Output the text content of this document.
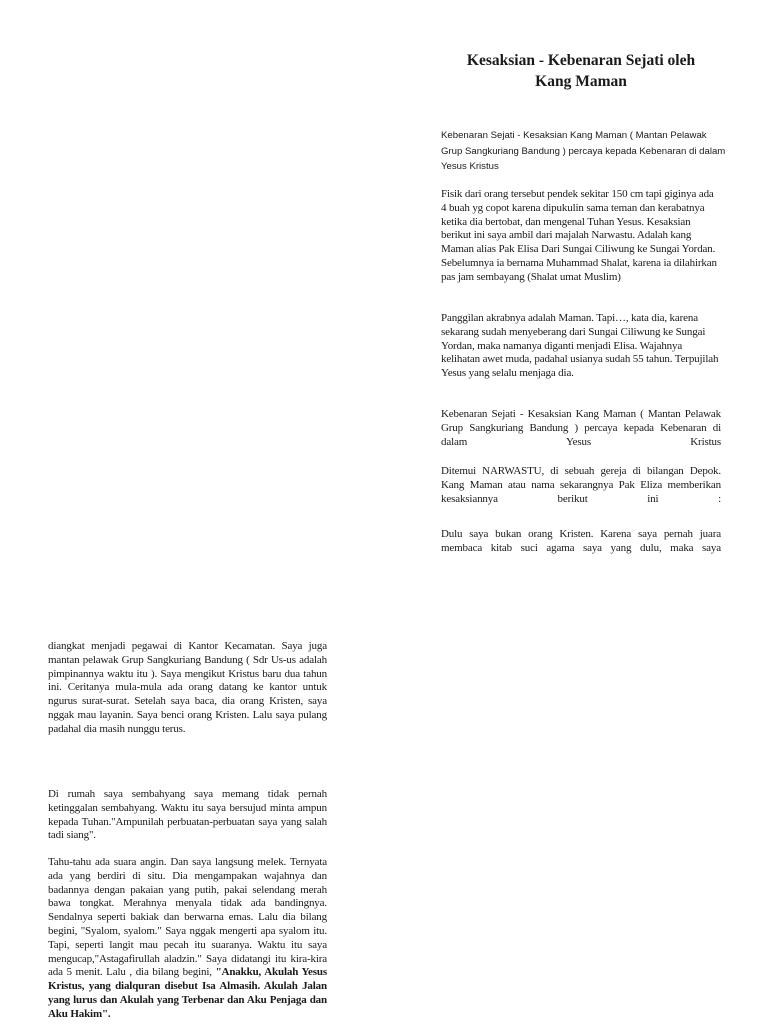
Kesaksian - Kebenaran Sejati oleh
Kang Maman
Kebenaran Sejati - Kesaksian Kang Maman ( Mantan Pelawak Grup Sangkuriang Bandung ) percaya kepada Kebenaran di dalam Yesus Kristus

Fisik dari orang tersebut pendek sekitar 150 cm tapi giginya ada 4 buah yg copot karena dipukulin sama teman dan kerabatnya ketika dia bertobat, dan mengenal Tuhan Yesus. Kesaksian berikut ini saya ambil dari majalah Narwastu. Adalah kang Maman alias Pak Elisa Dari Sungai Ciliwung ke Sungai Yordan. Sebelumnya ia bernama Muhammad Shalat, karena ia dilahirkan pas jam sembayang (Shalat umat Muslim)

Panggilan akrabnya adalah Maman. Tapi…, kata dia, karena sekarang sudah menyeberang dari Sungai Ciliwung ke Sungai Yordan, maka namanya diganti menjadi Elisa. Wajahnya kelihatan awet muda, padahal usianya sudah 55 tahun. Terpujilah Yesus yang selalu menjaga dia.

Kebenaran Sejati - Kesaksian Kang Maman ( Mantan Pelawak Grup Sangkuriang Bandung ) percaya kepada Kebenaran di dalam Yesus Kristus

Ditemui NARWASTU, di sebuah gereja di bilangan Depok. Kang Maman atau nama sekarangnya Pak Eliza memberikan kesaksiannya berikut ini :

Dulu saya bukan orang Kristen. Karena saya pernah juara membaca kitab suci agama saya yang dulu, maka saya

diangkat menjadi pegawai di Kantor Kecamatan. Saya juga mantan pelawak Grup Sangkuriang Bandung ( Sdr Us-us adalah pimpinannya waktu itu ). Saya mengikut Kristus baru dua tahun ini. Ceritanya mula-mula ada orang datang ke kantor untuk ngurus surat-surat. Setelah saya baca, dia orang Kristen, saya nggak mau layanin. Saya benci orang Kristen. Lalu saya pulang padahal dia masih nunggu terus.

Di rumah saya sembahyang saya memang tidak pernah ketinggalan sembahyang. Waktu itu saya bersujud minta ampun kepada Tuhan."Ampunilah perbuatan-perbuatan saya yang salah tadi siang".

Tahu-tahu ada suara angin. Dan saya langsung melek. Ternyata ada yang berdiri di situ. Dia mengampakan wajahnya dan badannya dengan pakaian yang putih, pakai selendang merah bawa tongkat. Merahnya menyala tidak ada bandingnya. Sendalnya seperti bakiak dan berwarna emas. Lalu dia bilang begini, "Syalom, syalom." Saya nggak mengerti apa syalom itu. Tapi, seperti langit mau pecah itu suaranya. Waktu itu saya mengucap,"Astagafirullah aladzin." Saya didatangi itu kira-kira ada 5 menit. Lalu , dia bilang begini, "Anakku, Akulah Yesus Kristus, yang dialquran disebut Isa Almasih. Akulah Jalan yang lurus dan Akulah yang Terbenar dan Aku Penjaga dan Aku Hakim".
